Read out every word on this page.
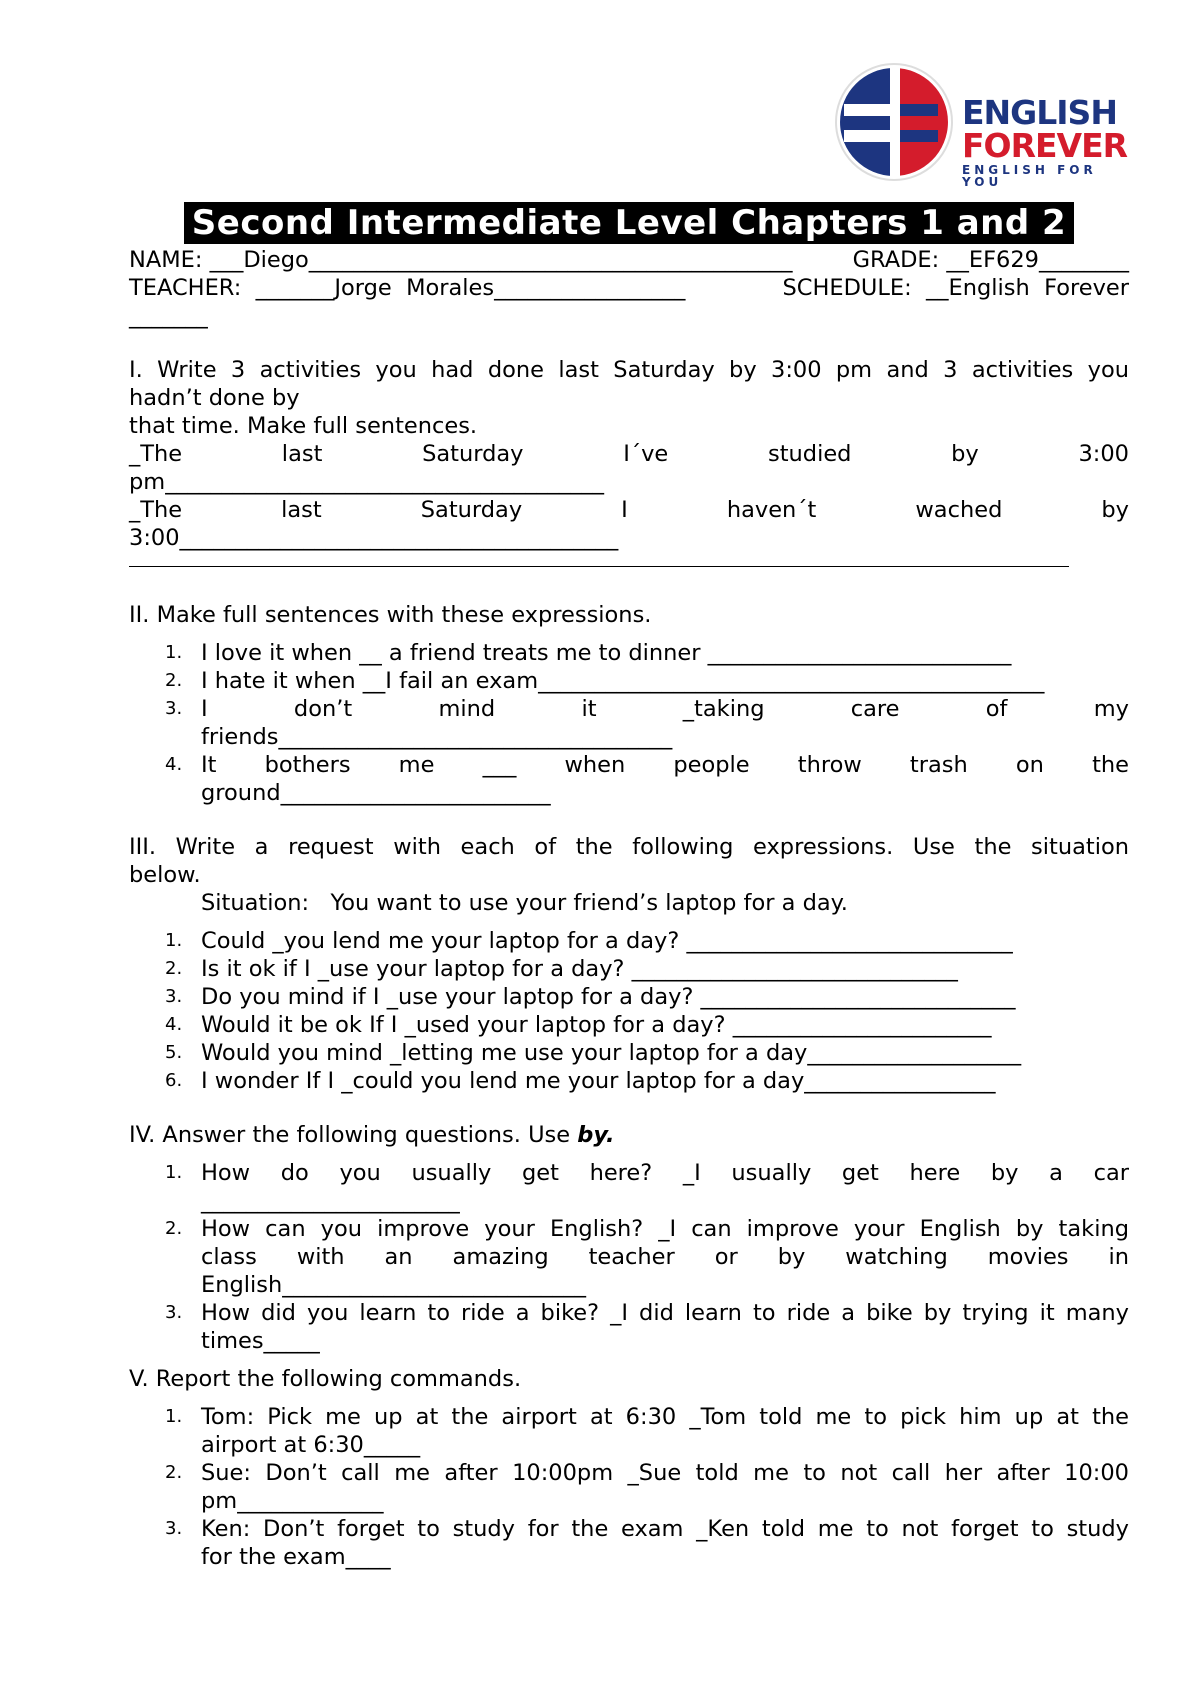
ENGLISH
FOREVER
ENGLISH FOR YOU
Second Intermediate Level Chapters 1 and 2
NAME: ___Diego___________________________________________	GRADE: __EF629________
TEACHER:  _______Jorge  Morales_________________	SCHEDULE:  __English  Forever
_______
I. Write 3 activities you had done last Saturday by 3:00 pm and 3 activities you
hadn’t done by
that time. Make full sentences.
_The last Saturday I´ve studied by 3:00
pm_______________________________________
_The last Saturday I haven´t wached by
3:00_______________________________________
II. Make full sentences with these expressions.
1. I love it when __ a friend treats me to dinner ___________________________
2. I hate it when __I fail an exam_____________________________________________
3. I don’t mind it _taking care of my
friends___________________________________
4. It bothers me ___ when people throw trash on the
ground________________________
III. Write a request with each of the following expressions. Use the situation
below.
Situation:   You want to use your friend’s laptop for a day.
1. Could _you lend me your laptop for a day? _____________________________
2. Is it ok if I _use your laptop for a day? _____________________________
3. Do you mind if I _use your laptop for a day? ____________________________
4. Would it be ok If I _used your laptop for a day? _______________________
5. Would you mind _letting me use your laptop for a day___________________
6. I wonder If I _could you lend me your laptop for a day_________________
IV. Answer the following questions. Use by.
1. How do you usually get here? _I usually get here by a car
_______________________
2. How can you improve your English? _I can improve your English by taking
class with an amazing teacher or by watching movies in
English___________________________
3. How did you learn to ride a bike? _I did learn to ride a bike by trying it many
times_____
V. Report the following commands.
1. Tom: Pick me up at the airport at 6:30 _Tom told me to pick him up at the
airport at 6:30_____
2. Sue: Don’t call me after 10:00pm _Sue told me to not call her after 10:00
pm_____________
3. Ken: Don’t forget to study for the exam _Ken told me to not forget to study
for the exam____
